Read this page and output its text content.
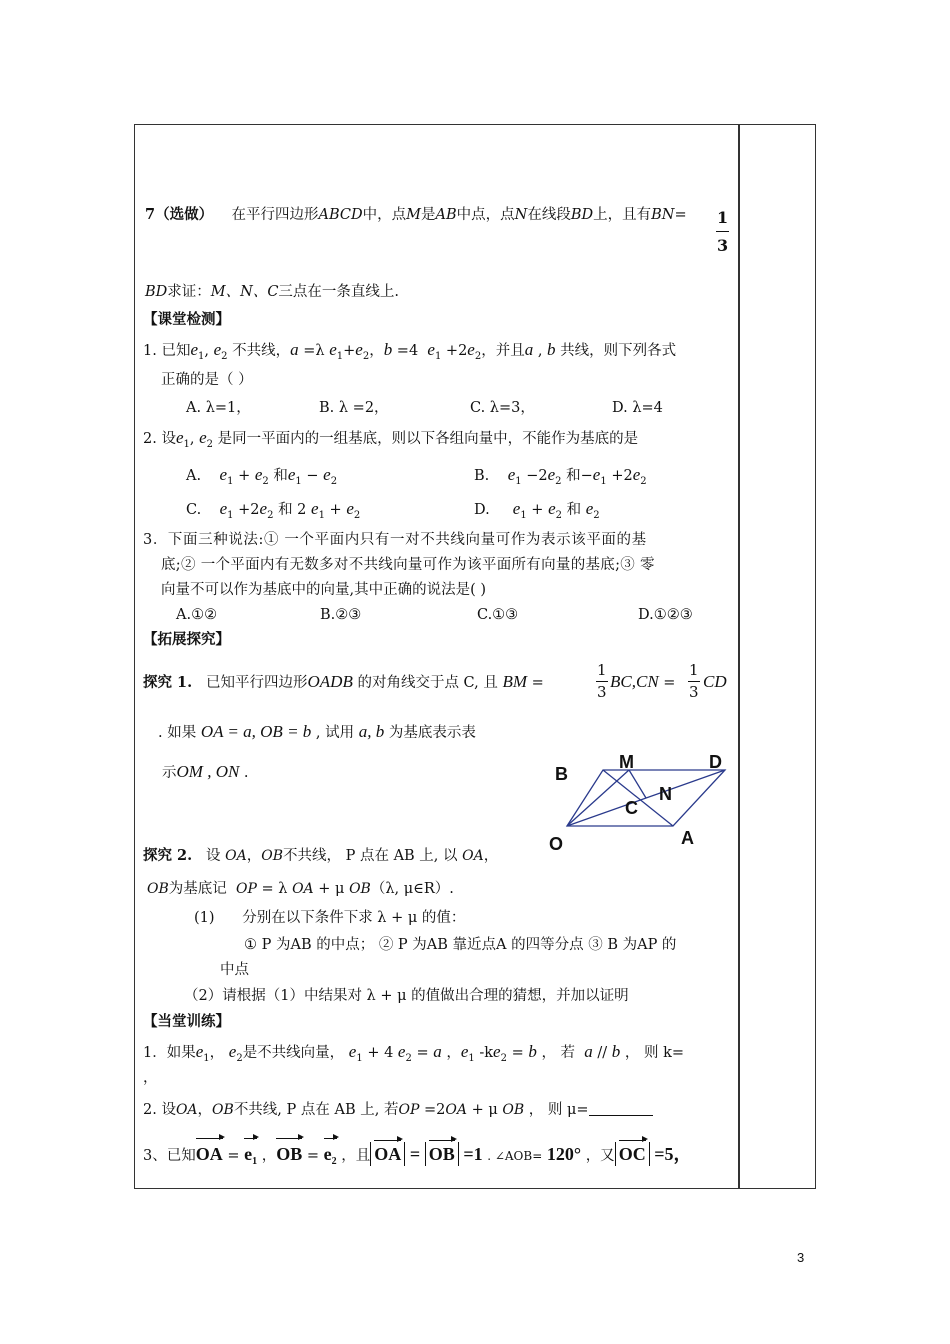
7（选做） 在平行四边形ABCD中，点M是AB中点，点N在线段BD上，且有BN= 1
3
BD求证：M、N、C三点在一条直线上.
【课堂检测】
1. 已知$e_1$, $e_2$ 不共线，a =λ $e_1+e_2$，b =4 $e_1 +2e_2$，并且a , b 共线，则下列各式
正确的是（ ）
A. λ=1，	B. λ =2，	C. λ=3，	D. λ=4
2. 设$e_1$, $e_2$ 是同一平面内的一组基底，则以下各组向量中，不能作为基底的是
A. $e_1 + e_2$ 和$e_1 - e_2$	B. $e_1 -2e_2$ 和$-e_1 +2e_2$
C. $e_1 +2e_2$ 和 2 $e_1 + e_2$	D. $e_1 + e_2$ 和 $e_2$
3．下面三种说法:① 一个平面内只有一对不共线向量可作为表示该平面的基
底;② 一个平面内有无数多对不共线向量可作为该平面所有向量的基底;③ 零
向量不可以作为基底中的向量,其中正确的说法是( )
A.①②	B.②③	C.①③	D.①②③
【拓展探究】
探究 1. 已知平行四边形OADB 的对角线交于点 C, 且 BM =
1
3
BC,CN =
1
3
CD
. 如果 OA = a, OB = b , 试用 a, b 为基底表示表
示OM , ON .	B
M	D
C
N
O	A
探究 2. 设 OA，OB不共线， P 点在 AB 上, 以 OA，
OB为基底记 OP = λ OA + μ OB（λ, μ∈R）.
(1) 分别在以下条件下求 λ + μ 的值：
① P 为AB 的中点； ② P 为AB 靠近点A 的四等分点 ③ B 为AP 的
中点
（2）请根据（1）中结果对 λ + μ 的值做出合理的猜想，并加以证明
【当堂训练】
1．如果$e_1$， $e_2$是不共线向量， $e_1 + 4$ $e_2 = a$ ，$e_1$ $-ke_2 = b$ ， 若 a // b ， 则 k=
，
2. 设OA，OB不共线, P 点在 AB 上, 若OP =2OA + μ OB ， 则 μ=
3、已知OA = $e_1$ ，OB = $e_2$ ，且 OA = OB =1 . ∠AOB= 120° ，又 OC =5，
3
